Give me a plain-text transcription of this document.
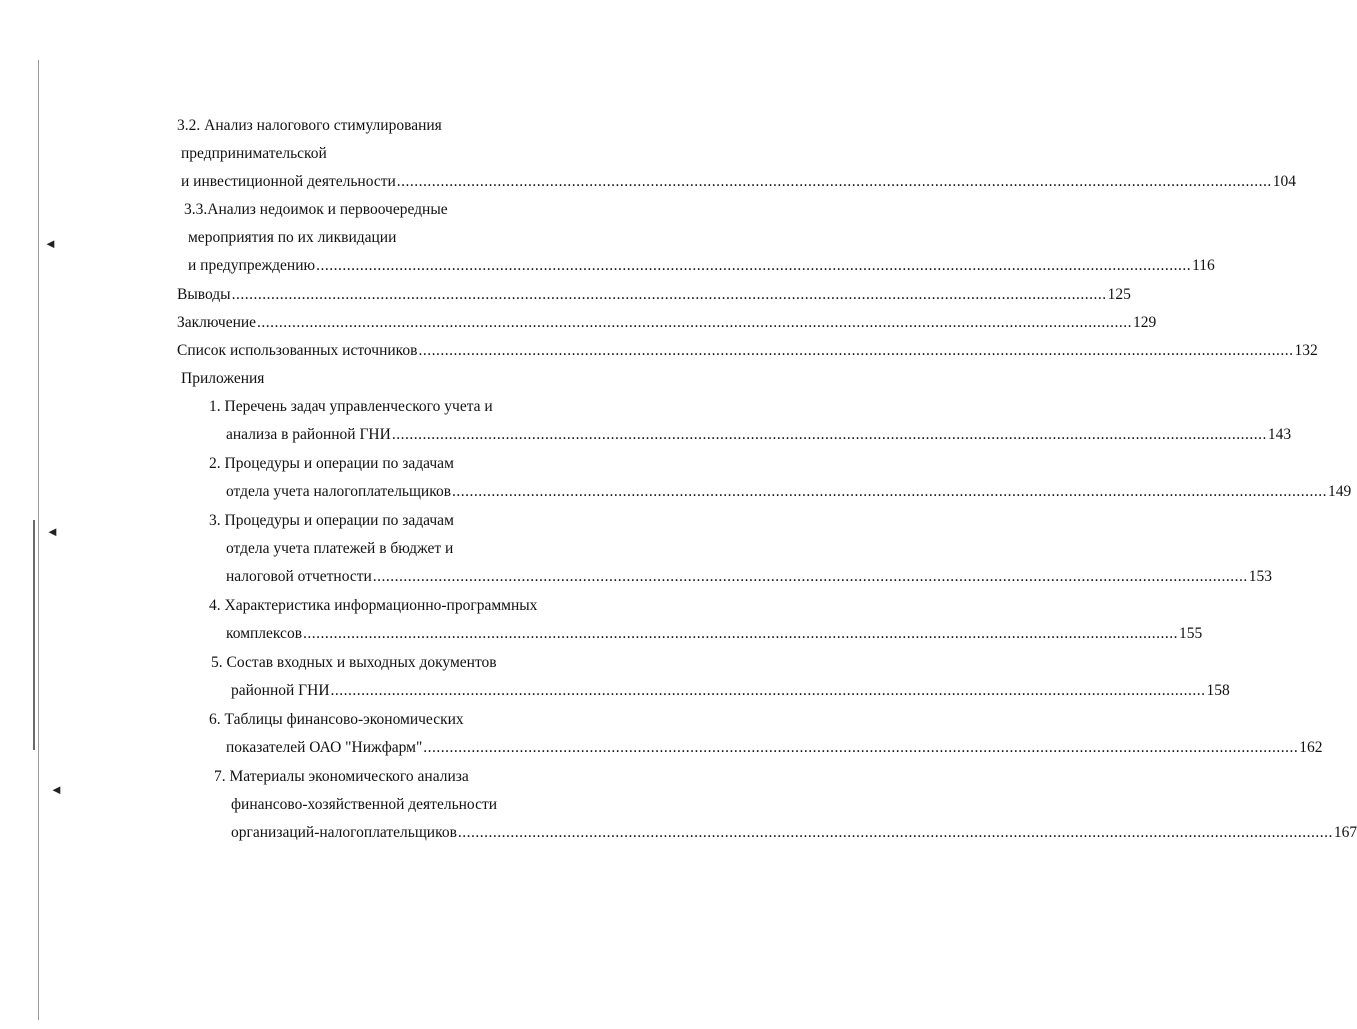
◄
◄
◄
3.2. Анализ налогового стимулирования
предпринимательской
и инвестиционной деятельности ........................................................................................................................................................................................................ 104
3.3.Анализ недоимок и первоочередные
мероприятия по их ликвидации
и предупреждению ........................................................................................................................................................................................................ 116
Выводы ........................................................................................................................................................................................................ 125
Заключение ........................................................................................................................................................................................................ 129
Список использованных источников ........................................................................................................................................................................................................ 132
Приложения
1. Перечень задач управленческого учета и
анализа в районной ГНИ ........................................................................................................................................................................................................ 143
2. Процедуры и операции по задачам
отдела учета налогоплательщиков ........................................................................................................................................................................................................ 149
3. Процедуры и операции по задачам
отдела учета платежей в бюджет и
налоговой отчетности ........................................................................................................................................................................................................ 153
4. Характеристика информационно-программных
комплексов ........................................................................................................................................................................................................ 155
5. Состав входных и выходных документов
районной ГНИ ........................................................................................................................................................................................................ 158
6. Таблицы финансово-экономических
показателей ОАО "Нижфарм" ........................................................................................................................................................................................................ 162
7. Материалы экономического анализа
финансово-хозяйственной деятельности
организаций-налогоплательщиков ........................................................................................................................................................................................................ 167
